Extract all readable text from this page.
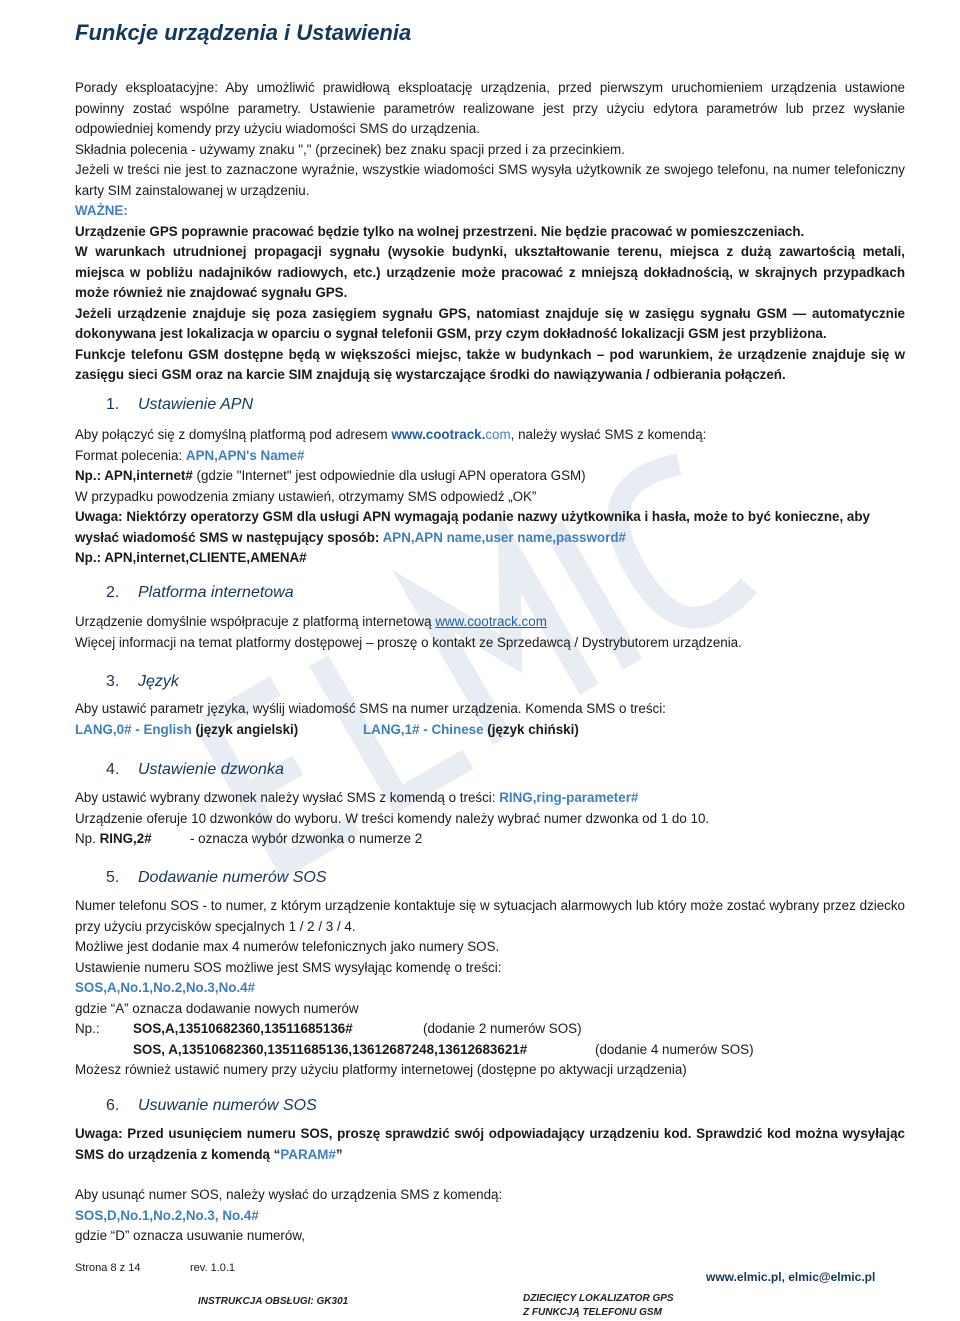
Funkcje urządzenia i Ustawienia

Porady eksploatacyjne: Aby umożliwić prawidłową eksploatację urządzenia, przed pierwszym uruchomieniem urządzenia ustawione powinny zostać wspólne parametry. Ustawienie parametrów realizowane jest przy użyciu edytora parametrów lub przez wysłanie odpowiedniej komendy przy użyciu wiadomości SMS do urządzenia.

Składnia polecenia - używamy znaku "," (przecinek) bez znaku spacji przed i za przecinkiem.

Jeżeli w treści nie jest to zaznaczone wyraźnie, wszystkie wiadomości SMS wysyła użytkownik ze swojego telefonu, na numer telefoniczny karty SIM zainstalowanej w urządzeniu.

WAŻNE:

Urządzenie GPS poprawnie pracować będzie tylko na wolnej przestrzeni. Nie będzie pracować w pomieszczeniach.

W warunkach utrudnionej propagacji sygnału (wysokie budynki, ukształtowanie terenu, miejsca z dużą zawartością metali, miejsca w pobliżu nadajników radiowych, etc.) urządzenie może pracować z mniejszą dokładnością, w skrajnych przypadkach może również nie znajdować sygnału GPS.

Jeżeli urządzenie znajduje się poza zasięgiem sygnału GPS, natomiast znajduje się w zasięgu sygnału GSM — automatycznie dokonywana jest lokalizacja w oparciu o sygnał telefonii GSM, przy czym dokładność lokalizacji GSM jest przybliżona.

Funkcje telefonu GSM dostępne będą w większości miejsc, także w budynkach – pod warunkiem, że urządzenie znajduje się w zasięgu sieci GSM oraz na karcie SIM znajdują się wystarczające środki do nawiązywania / odbierania połączeń.

1. Ustawienie APN

Aby połączyć się z domyślną platformą pod adresem www.cootrack.com, należy wysłać SMS z komendą:

Format polecenia: APN,APN's Name#

Np.: APN,internet# (gdzie "Internet" jest odpowiednie dla usługi APN operatora GSM)

W przypadku powodzenia zmiany ustawień, otrzymamy SMS odpowiedź „OK”

Uwaga: Niektórzy operatorzy GSM dla usługi APN wymagają podanie nazwy użytkownika i hasła, może to być konieczne, aby wysłać wiadomość SMS w następujący sposób: APN,APN name,user name,password#

Np.: APN,internet,CLIENTE,AMENA#

2. Platforma internetowa

Urządzenie domyślnie współpracuje z platformą internetową www.cootrack.com

Więcej informacji na temat platformy dostępowej – proszę o kontakt ze Sprzedawcą / Dystrybutorem urządzenia.

3. Język

Aby ustawić parametr języka, wyślij wiadomość SMS na numer urządzenia. Komenda SMS o treści:

LANG,0# - English (język angielski)	LANG,1# - Chinese (język chiński)
4. Ustawienie dzwonka

Aby ustawić wybrany dzwonek należy wysłać SMS z komendą o treści: RING,ring-parameter#

Urządzenie oferuje 10 dzwonków do wyboru. W treści komendy należy wybrać numer dzwonka od 1 do 10.

Np. RING,2#	- oznacza wybór dzwonka o numerze 2
5. Dodawanie numerów SOS

Numer telefonu SOS - to numer, z którym urządzenie kontaktuje się w sytuacjach alarmowych lub który może zostać wybrany przez dziecko przy użyciu przycisków specjalnych 1 / 2 / 3 / 4.

Możliwe jest dodanie max 4 numerów telefonicznych jako numery SOS.

Ustawienie numeru SOS możliwe jest SMS wysyłając komendę o treści:

SOS,A,No.1,No.2,No.3,No.4#

gdzie “A” oznacza dodawanie nowych numerów

Np.:	SOS,A,13510682360,13511685136#	(dodanie 2 numerów SOS)
SOS, A,13510682360,13511685136,13612687248,13612683621#	(dodanie 4 numerów SOS)

Możesz również ustawić numery przy użyciu platformy internetowej (dostępne po aktywacji urządzenia)

6. Usuwanie numerów SOS

Uwaga: Przed usunięciem numeru SOS, proszę sprawdzić swój odpowiadający urządzeniu kod. Sprawdzić kod można wysyłając SMS do urządzenia z komendą “PARAM#”

Aby usunąć numer SOS, należy wysłać do urządzenia SMS z komendą:

SOS,D,No.1,No.2,No.3, No.4#

gdzie “D” oznacza usuwanie numerów,

Strona 8 z 14	rev. 1.0.1
www.elmic.pl, elmic@elmic.pl
INSTRUKCJA OBSŁUGI: GK301	DZIECIĘCY LOKALIZATOR GPS
Z FUNKCJĄ TELEFONU GSM
